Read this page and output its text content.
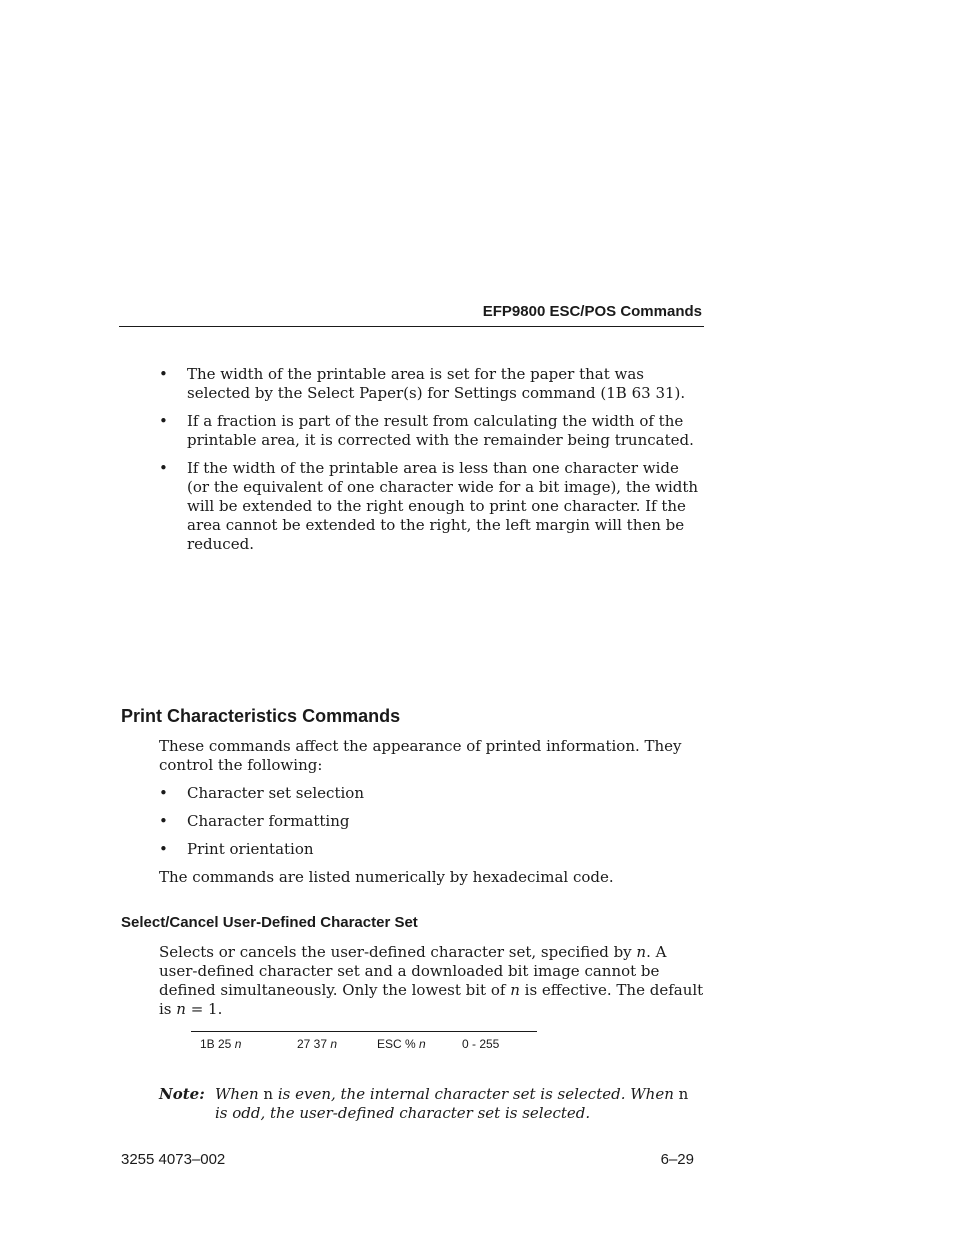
EFP9800 ESC/POS Commands
• The width of the printable area is set for the paper that was selected by the Select Paper(s) for Settings command (1B 63 31).
• If a fraction is part of the result from calculating the width of the printable area, it is corrected with the remainder being truncated.
• If the width of the printable area is less than one character wide (or the equivalent of one character wide for a bit image), the width will be extended to the right enough to print one character. If the area cannot be extended to the right, the left margin will then be reduced.
Print Characteristics Commands

These commands affect the appearance of printed information. They control the following:

• Character set selection
• Character formatting
• Print orientation

The commands are listed numerically by hexadecimal code.

Select/Cancel User-Defined Character Set

Selects or cancels the user-defined character set, specified by n. A user-defined character set and a downloaded bit image cannot be defined simultaneously. Only the lowest bit of n is effective. The default is n = 1.

1B 25 n	27 37 n	ESC % n	0 - 255
Note: When n is even, the internal character set is selected. When n is odd, the user-defined character set is selected.

3255 4073–002	6–29
